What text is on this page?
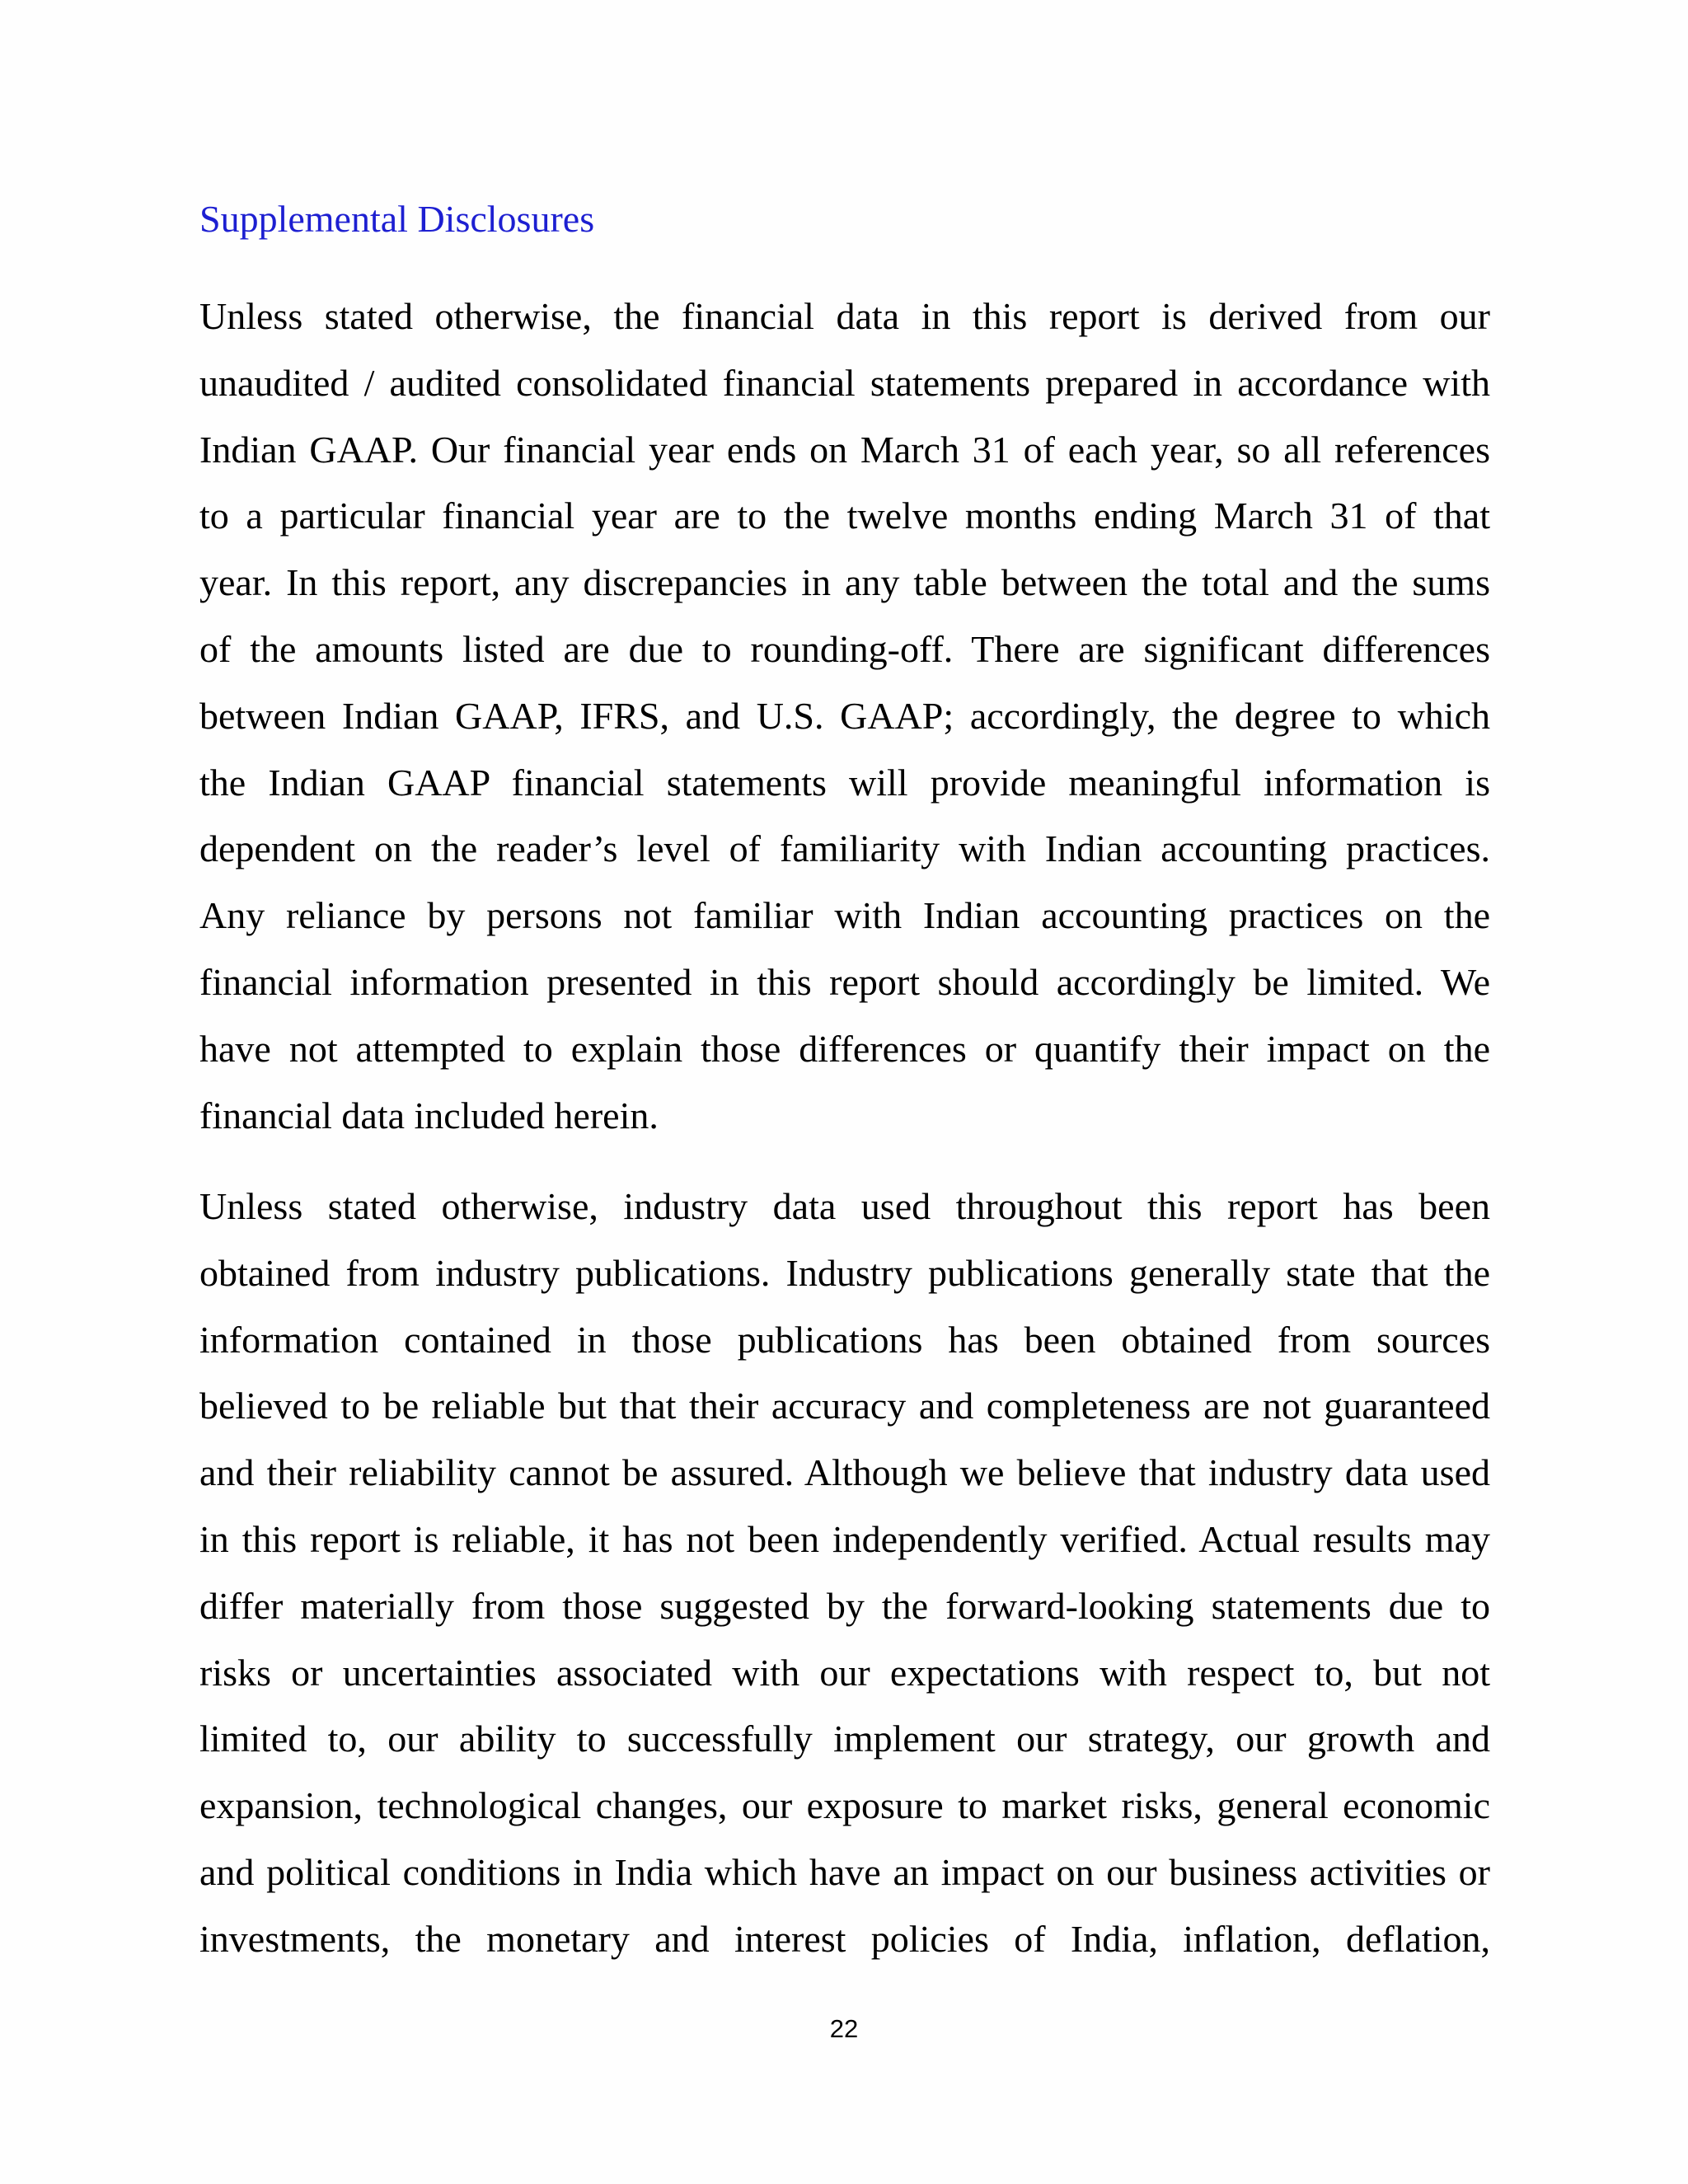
Supplemental Disclosures
Unless stated otherwise, the financial data in this report is derived from our
unaudited / audited consolidated financial statements prepared in accordance with
Indian GAAP. Our financial year ends on March 31 of each year, so all references
to a particular financial year are to the twelve months ending March 31 of that
year. In this report, any discrepancies in any table between the total and the sums
of the amounts listed are due to rounding-off. There are significant differences
between Indian GAAP, IFRS, and U.S. GAAP; accordingly, the degree to which
the Indian GAAP financial statements will provide meaningful information is
dependent on the reader’s level of familiarity with Indian accounting practices.
Any reliance by persons not familiar with Indian accounting practices on the
financial information presented in this report should accordingly be limited. We
have not attempted to explain those differences or quantify their impact on the
financial data included herein.
Unless stated otherwise, industry data used throughout this report has been
obtained from industry publications. Industry publications generally state that the
information contained in those publications has been obtained from sources
believed to be reliable but that their accuracy and completeness are not guaranteed
and their reliability cannot be assured. Although we believe that industry data used
in this report is reliable, it has not been independently verified. Actual results may
differ materially from those suggested by the forward-looking statements due to
risks or uncertainties associated with our expectations with respect to, but not
limited to, our ability to successfully implement our strategy, our growth and
expansion, technological changes, our exposure to market risks, general economic
and political conditions in India which have an impact on our business activities or
investments, the monetary and interest policies of India, inflation, deflation,
22
